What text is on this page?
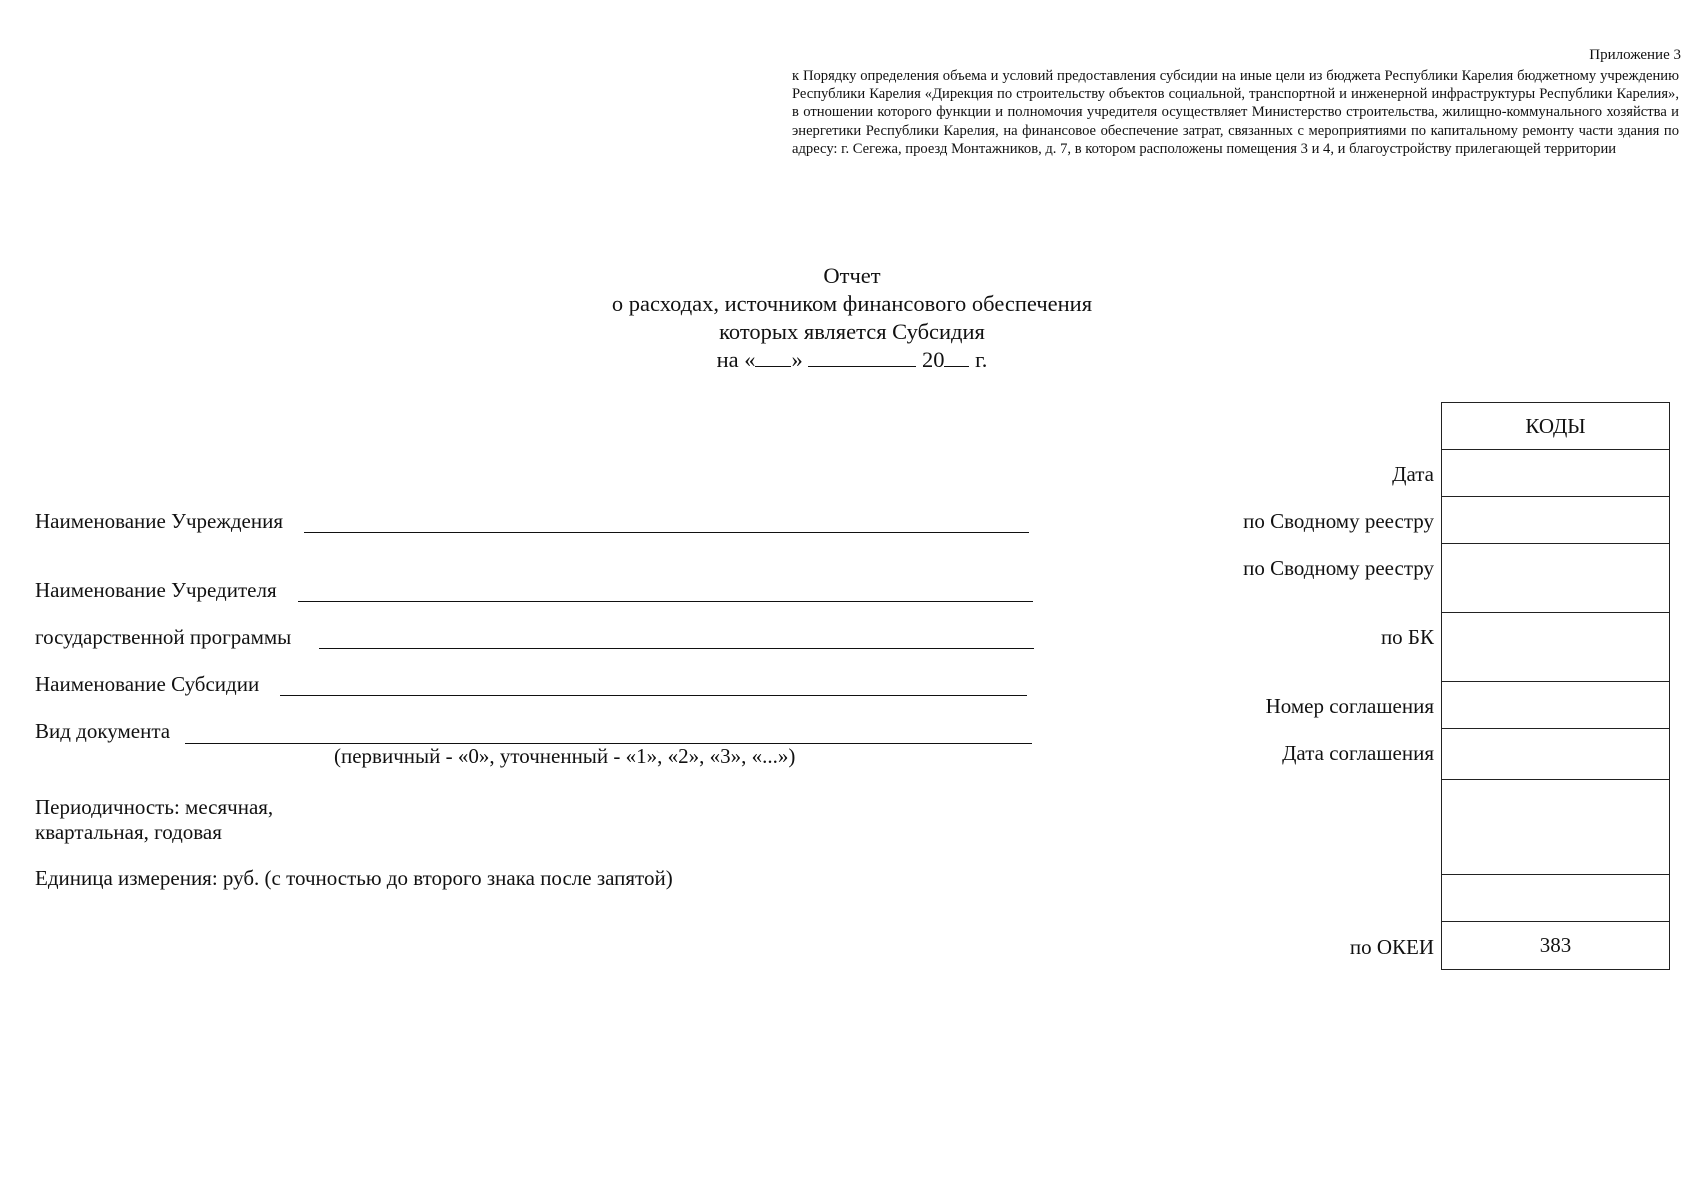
Приложение 3
к Порядку определения объема и условий предоставления субсидии на иные цели из бюджета Республики Карелия бюджетному учреждению Республики Карелия «Дирекция по строительству объектов социальной, транспортной и инженерной инфраструктуры Республики Карелия», в отношении которого функции и полномочия учредителя осуществляет Министерство строительства, жилищно-коммунального хозяйства и энергетики Республики Карелия, на финансовое обеспечение затрат, связанных с мероприятиями по капитальному ремонту части здания по адресу: г. Сегежа, проезд Монтажников, д. 7, в котором расположены помещения 3 и 4, и благоустройству прилегающей территории
Отчет
о расходах, источником финансового обеспечения
которых является Субсидия
на « »	20 г.
Наименование Учреждения
Наименование Учредителя
государственной программы
Наименование Субсидии
Вид документа
(первичный - «0», уточненный - «1», «2», «3», «...»)
Периодичность: месячная,
квартальная, годовая
Единица измерения: руб. (с точностью до второго знака после запятой)
Дата
по Сводному реестру
по Сводному реестру
по БК
Номер соглашения
Дата соглашения
по ОКЕИ
КОДЫ
383
